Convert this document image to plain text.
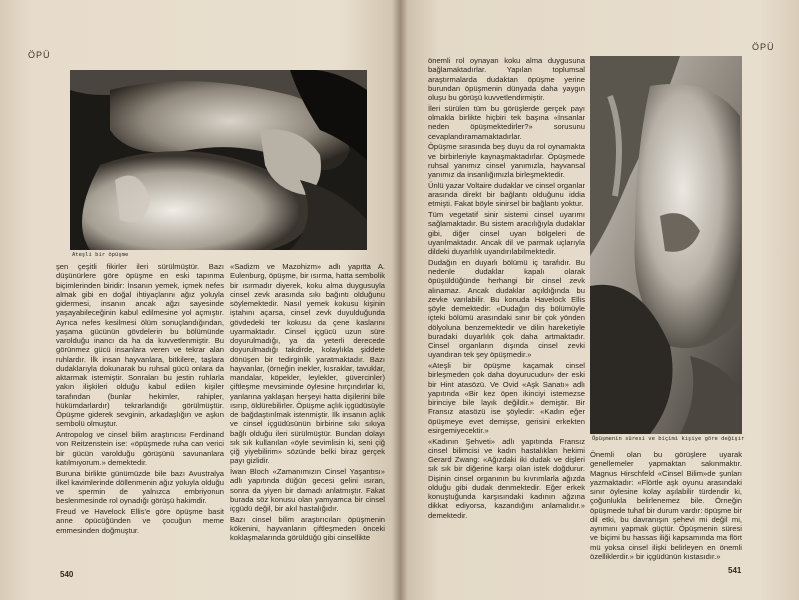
ÖPÜ
Ateşli bir öpüşme

şen çeşitli fikirler ileri sürülmüştür. Bazı düşünürlere göre öpüşme en eski tapınma biçimlerinden biridir: İnsanın yemek, içmek nefes almak gibi en doğal ihtiyaçlarını ağız yoluyla gidermesi, insanın ancak ağzı sayesinde yaşayabileceğinin kabul edilmesine yol açmıştır. Ayrıca nefes kesilmesi ölüm sonuçlandığından, yaşama gücünün gövdelerin bu bölümünde varolduğu inancı da ha da kuvvetlenmiştir. Bu görünmez gücü insanlara veren ve tekrar alan ruhlardır. İlk insan hayvanlara, bitkilere, taşlara dudaklarıyla dokunarak bu ruhsal gücü onlara da aktarmak istemiştir. Sonraları bu jestin ruhlarla yakın ilişkileri olduğu kabul edilen kişiler tarafından (bunlar hekimler, rahipler, hükümdarlardır) tekrarlandığı görülmüştür. Öpüşme giderek sevginin, arkadaşlığın ve aşkın sembolü olmuştur.

Antropolog ve cinsel bilim araştırıcısı Ferdinand von Reitzenstein ise: «öpüşmede ruha can verici bir gücün varolduğu görüşünü savunanlara katılmıyorum.» demektedir.

Buruna birlikte günümüzde bile bazı Avustralya ilkel kavimlerinde döllenmenin ağız yoluyla olduğu ve spermin de yalnızca embriyonun beslenmesinde rol oynadığı görüşü hakimdir.

Freud ve Havelock Ellis'e göre öpüşme basit anne öpücüğünden ve çocuğun meme emmesinden doğmuştur.

«Sadizm ve Mazohizm» adlı yapıtta A. Eulenburg, öpüşme, bir ısırma, hatta sembolik bir ısırmadır diyerek, koku alma duygusuyla cinsel zevk arasında sıkı bağıntı olduğunu söylemektedir. Nasıl yemek kokusu kişinin iştahını açarsa, cinsel zevk duyulduğunda gövdedeki ter kokusu da çene kaslarını uyarmaktadır. Cinsel içgücü uzun süre doyurulmadığı, ya da yeterli derecede doyurulmadığı takdirde, kolaylıkla şiddete dönüşen bir tedirginlik yaratmaktadır. Bazı hayvanlar, (örneğin inekler, kısraklar, tavuklar, mandalar, köpekler, leylekler, güvercinler) çiftleşme mevsiminde öylesine hırçındırlar ki, yanlarına yaklaşan herşeyi hatta dişilerini bile ısırıp, öldürebilirler. Öpüşme açlık içgüdüsüyle de bağdaştırılmak istenmiştir. İlk insanın açlık ve cinsel içgüdüsünün birbirine sıkı sıkıya bağlı olduğu ileri sürülmüştür. Bundan dolayı sık sık kullanılan «öyle sevimlisin ki, seni çiğ çiğ yiyebilirim» sözünde belki biraz gerçek payı gizlidir.

İwan Bloch «Zamanımızın Cinsel Yaşantısı» adlı yapıtında düğün gecesi gelini ısıran, sonra da yiyen bir damadı anlatmıştır. Fakat burada söz konusu olan yamyamca bir cinsel içgüdü değil, bir akıl hastalığıdır.

Bazı cinsel bilim araştırıcıları öpüşmenin kökenini, hayvanların çiftleşmeden önceki koklaşmalarında görüldüğü gibi cinsellikte

540
ÖPÜ

önemli rol oynayan koku alma duygusuna bağlamaktadırlar. Yapılan toplumsal araştırmalarda dudaktan öpüşme yerine burundan öpüşmenin dünyada daha yaygın oluşu bu görüşü kuvvetlendirmiştir.

İleri sürülen tüm bu görüşlerde gerçek payı olmakla birlikte hiçbiri tek başına «İnsanlar neden öpüşmektedirler?» sorusunu cevaplandıramamaktadırlar.

Öpüşme sırasında beş duyu da rol oynamakta ve birbirleriyle kaynaşmaktadırlar. Öpüşmede ruhsal yanımız cinsel yanımızla, hayvansal yanımız da insanlığımızla birleşmektedir.

Ünlü yazar Voltaire dudaklar ve cinsel organlar arasında direkt bir bağlantı olduğunu iddia etmişti. Fakat böyle sinirsel bir bağlantı yoktur.

Tüm vegetatif sinir sistemi cinsel uyarımı sağlamaktadır. Bu sistem aracılığıyla dudaklar gibi, diğer cinsel uyarı bölgeleri de uyarılmaktadır. Ancak dil ve parmak uçlarıyla dildeki duyarlılık uyandırılabilmektedir.

Dudağın en duyarlı bölümü iç tarafıdır. Bu nedenle dudaklar kapalı olarak öpüşüldüğünde herhangi bir cinsel zevk alınamaz. Ancak dudaklar açıldığında bu zevke varılabilir. Bu konuda Havelock Ellis şöyle demektedir: «Dudağın dış bölümüyle içteki bölümü arasındaki sınır bir çok yönden dölyoluna benzemektedir ve dilin hareketiyle buradaki duyarlılık çok daha artmaktadır. Cinsel organların dışında cinsel zevki uyandıran tek şey öpüşmedir.»

«Ateşli bir öpüşme kaçamak cinsel birleşmeden çok daha doyurucudur» der eski bir Hint atasözü. Ve Ovid «Aşk Sanatı» adlı yapıtında «Bir kez öpen ikinciyi istemezse birinciye bile layık değildir.» demiştir. Bir Fransız atasözü ise şöyledir: «Kadın eğer öpüşmeye evet demişse, gerisini erkekten esirgemiyecektir.»

«Kadının Şehveti» adlı yapıtında Fransız cinsel bilimcisi ve kadın hastalıkları hekimi Gerard Zwang: «Ağızdaki iki dudak ve dişleri sık sık bir diğerine karşı olan istek doğdurur. Dişinin cinsel organının bu kıvrımlarla ağızda olduğu gibi dudak denmektedir. Eğer erkek konuştuğunda karşısındaki kadının ağzına dikkat ediyorsa, kazandığını anlamalıdır.» demektedir.

Öpüşmenin süresi ve biçimi kişiye göre değişir

Önemli olan bu görüşlere uyarak genellemeler yapmaktan sakınmaktır. Magnus Hirschfeld «Cinsel Bilim»de şunları yazmaktadır: «Flörtle aşk oyunu arasındaki sınır öylesine kolay aşılabilir türdendir ki, çoğunlukla belirlenemez bile. Örneğin öpüşmede tuhaf bir durum vardır: öpüşme bir dil etki, bu davranışın şehevi mi değil mi, ayrımını yapmak güçtür. Öpüşmenin süresi ve biçimi bu hassas iliği kapsamında ma flört mü yoksa cinsel ilişki belirleyen en önemli özelliklerdir.» bir içgüdünün kıstasıdır.»

541
